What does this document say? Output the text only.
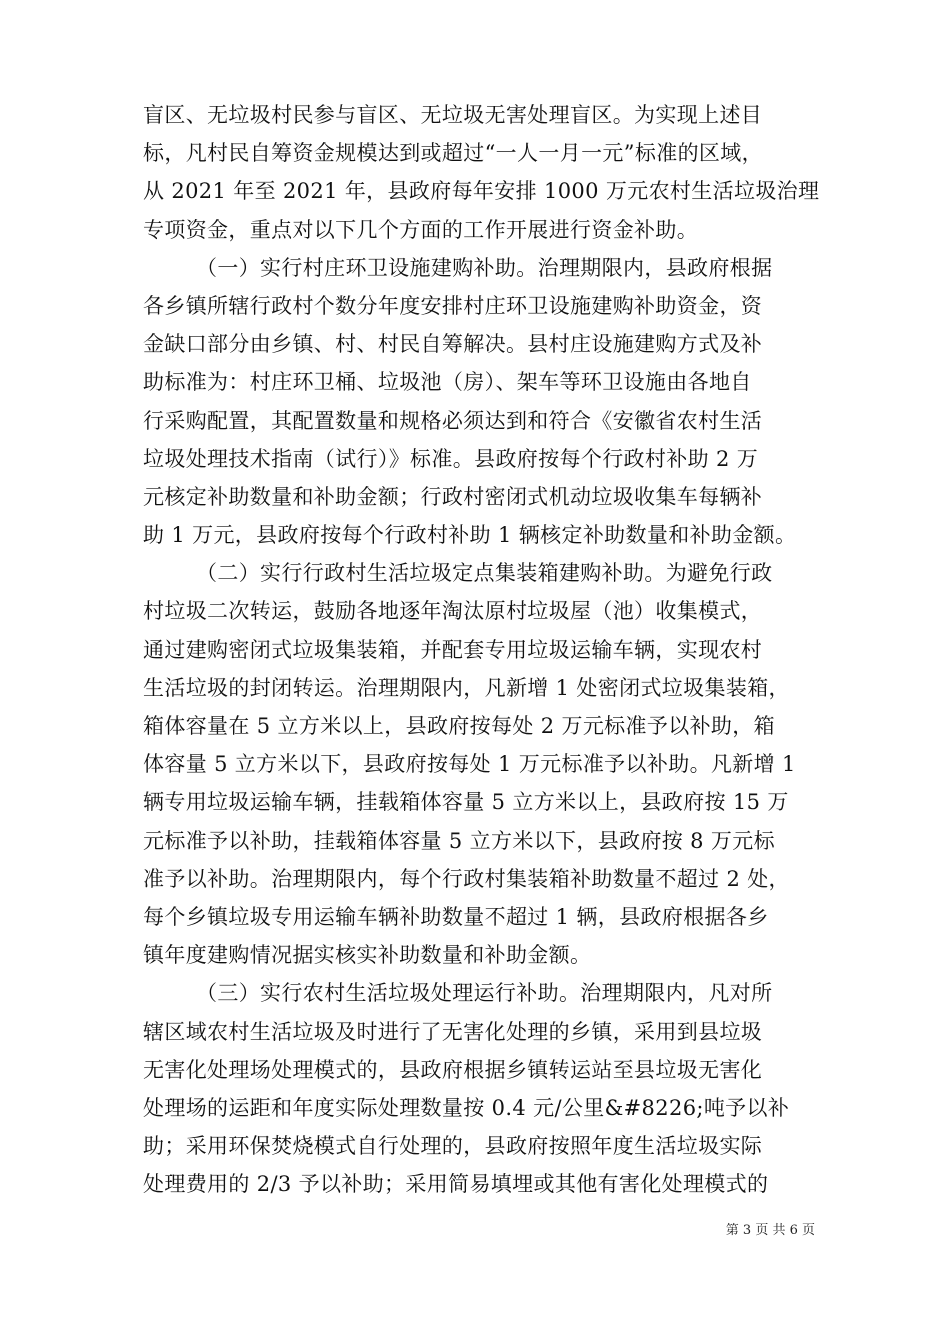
盲区、无垃圾村民参与盲区、无垃圾无害处理盲区。为实现上述目
标，凡村民自筹资金规模达到或超过“一人一月一元”标准的区域，
从 2021 年至 2021 年，县政府每年安排 1000 万元农村生活垃圾治理
专项资金，重点对以下几个方面的工作开展进行资金补助。
（一）实行村庄环卫设施建购补助。治理期限内，县政府根据
各乡镇所辖行政村个数分年度安排村庄环卫设施建购补助资金，资
金缺口部分由乡镇、村、村民自筹解决。县村庄设施建购方式及补
助标准为：村庄环卫桶、垃圾池（房）、架车等环卫设施由各地自
行采购配置，其配置数量和规格必须达到和符合《安徽省农村生活
垃圾处理技术指南（试行）》标准。县政府按每个行政村补助 2 万
元核定补助数量和补助金额；行政村密闭式机动垃圾收集车每辆补
助 1 万元，县政府按每个行政村补助 1 辆核定补助数量和补助金额。
（二）实行行政村生活垃圾定点集装箱建购补助。为避免行政
村垃圾二次转运，鼓励各地逐年淘汰原村垃圾屋（池）收集模式，
通过建购密闭式垃圾集装箱，并配套专用垃圾运输车辆，实现农村
生活垃圾的封闭转运。治理期限内，凡新增 1 处密闭式垃圾集装箱，
箱体容量在 5 立方米以上，县政府按每处 2 万元标准予以补助，箱
体容量 5 立方米以下，县政府按每处 1 万元标准予以补助。凡新增 1
辆专用垃圾运输车辆，挂载箱体容量 5 立方米以上，县政府按 15 万
元标准予以补助，挂载箱体容量 5 立方米以下，县政府按 8 万元标
准予以补助。治理期限内，每个行政村集装箱补助数量不超过 2 处，
每个乡镇垃圾专用运输车辆补助数量不超过 1 辆，县政府根据各乡
镇年度建购情况据实核实补助数量和补助金额。
（三）实行农村生活垃圾处理运行补助。治理期限内，凡对所
辖区域农村生活垃圾及时进行了无害化处理的乡镇，采用到县垃圾
无害化处理场处理模式的，县政府根据乡镇转运站至县垃圾无害化
处理场的运距和年度实际处理数量按 0.4 元/公里&#8226;吨予以补
助；采用环保焚烧模式自行处理的，县政府按照年度生活垃圾实际
处理费用的 2/3 予以补助；采用简易填埋或其他有害化处理模式的
第 3 页 共 6 页
